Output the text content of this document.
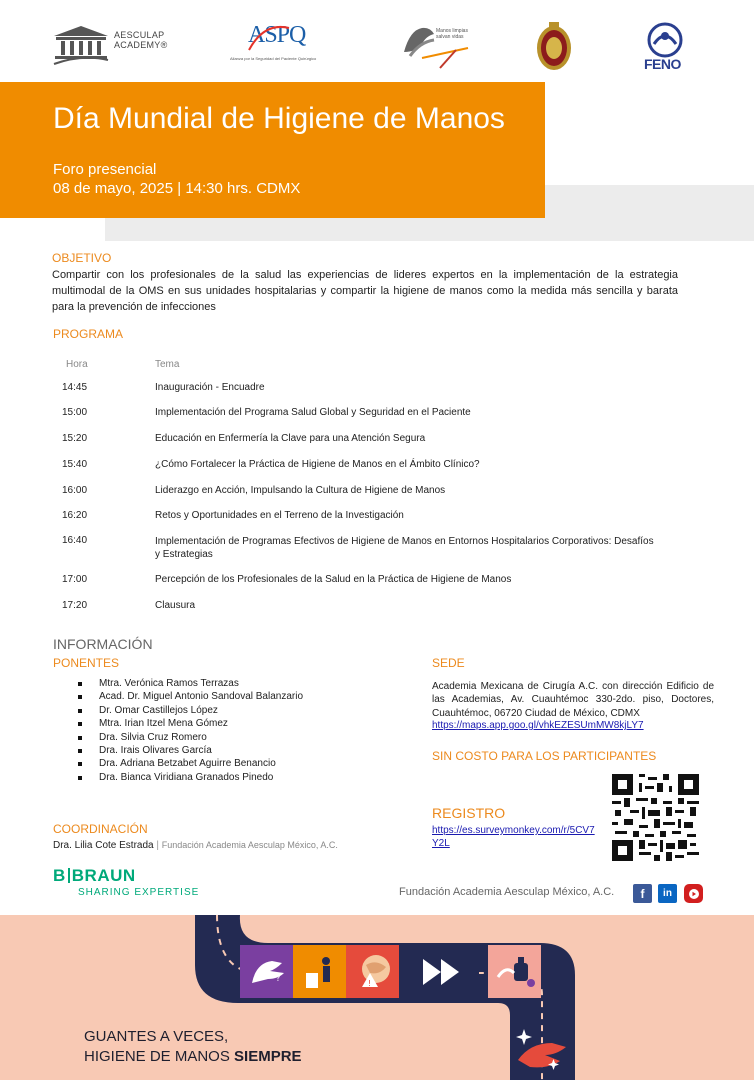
AESCULAP
ACADEMY®	ASPQ
Alianza por la Seguridad del Paciente Quirúrgico
Manos limpias
salvan vidas
FENO
Día Mundial de Higiene de Manos
Foro presencial
08 de mayo, 2025 | 14:30 hrs. CDMX
OBJETIVO
Compartir con los profesionales de la salud las experiencias de lideres expertos en la implementación de la estrategia multimodal de la OMS en sus unidades hospitalarias y compartir la higiene de manos como la medida más sencilla y barata para la prevención de infecciones
PROGRAMA
Hora	Tema
14:45	Inauguración - Encuadre
15:00	Implementación del Programa Salud Global y Seguridad en el Paciente
15:20	Educación en Enfermería la Clave para una Atención Segura
15:40	¿Cómo Fortalecer la Práctica de Higiene de Manos en el Ámbito Clínico?
16:00	Liderazgo en Acción, Impulsando la Cultura de Higiene de Manos
16:20	Retos y Oportunidades en el Terreno de la Investigación
16:40	Implementación de Programas Efectivos de Higiene de Manos en Entornos Hospitalarios Corporativos: Desafíos y Estrategias
17:00	Percepción de los Profesionales de la Salud en la Práctica de Higiene de Manos
17:20	Clausura
INFORMACIÓN
PONENTES
Mtra. Verónica Ramos Terrazas
Acad. Dr. Miguel Antonio Sandoval Balanzario
Dr. Omar Castillejos López
Mtra. Irian Itzel Mena Gómez
Dra. Silvia Cruz Romero
Dra. Irais Olivares García
Dra. Adriana Betzabet Aguirre Benancio
Dra. Bianca Viridiana Granados Pinedo
COORDINACIÓN
Dra. Lilia Cote Estrada | Fundación Academia Aesculap México, A.C.
SEDE
Academia Mexicana de Cirugía A.C. con dirección Edificio de las Academias, Av. Cuauhtémoc 330-2do. piso, Doctores, Cuauhtémoc, 06720 Ciudad de México, CDMX
https://maps.app.goo.gl/vhkEZESUmMW8kjLY7
SIN COSTO PARA LOS PARTICIPANTES
REGISTRO
https://es.surveymonkey.com/r/5CV7
Y2L
B BRAUN
SHARING EXPERTISE	Fundación Academia Aesculap México, A.C.	f	in
?
!
GUANTES A VECES,
HIGIENE DE MANOS SIEMPRE
